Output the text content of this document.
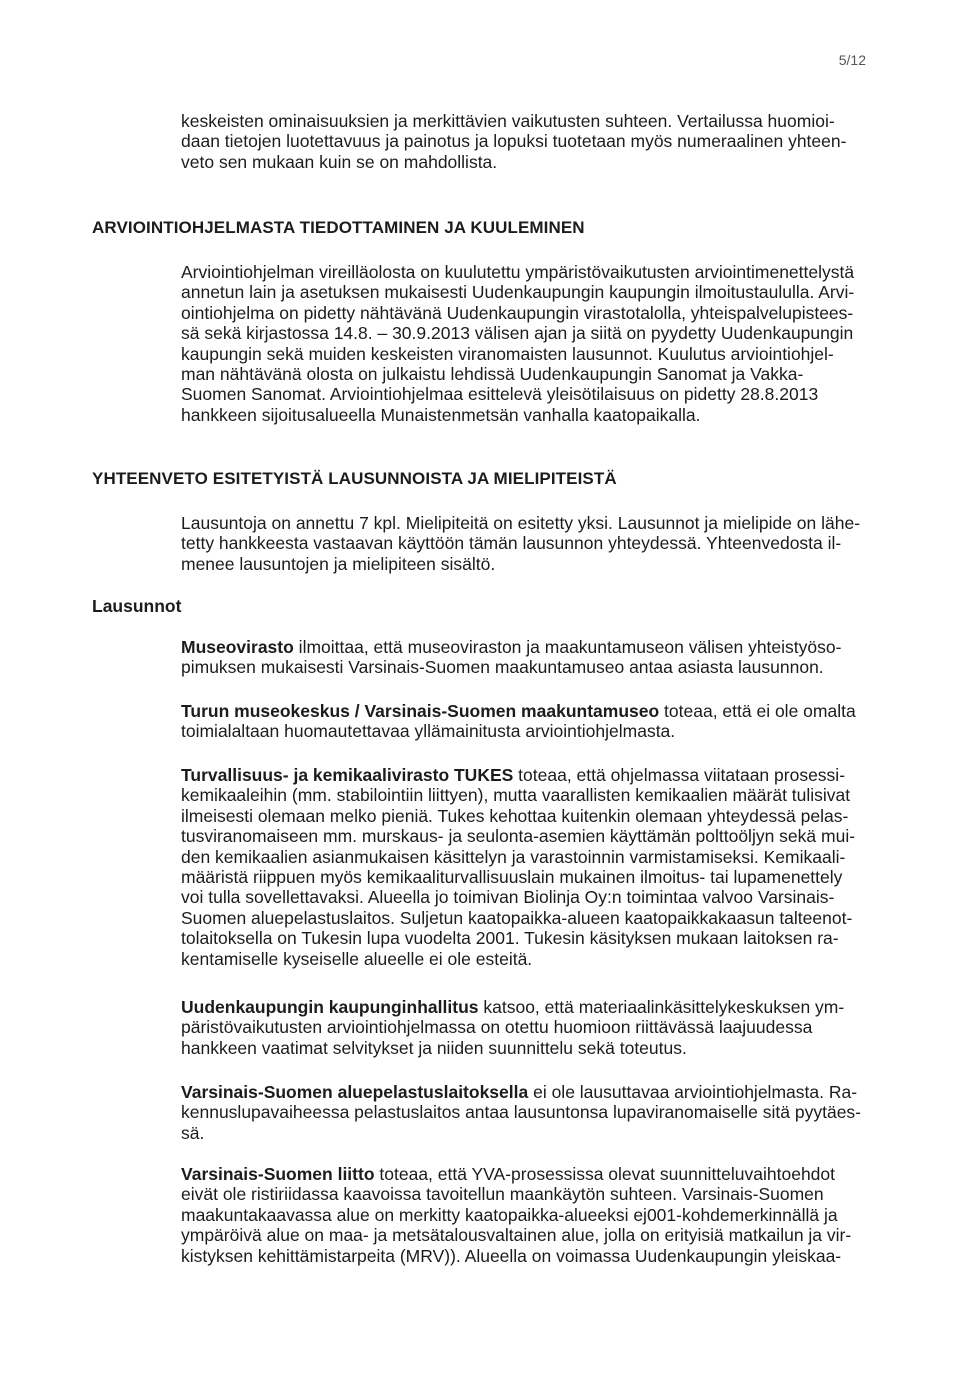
5/12
keskeisten ominaisuuksien ja merkittävien vaikutusten suhteen. Vertailussa huomioi-
daan tietojen luotettavuus ja painotus ja lopuksi tuotetaan myös numeraalinen yhteen-
veto sen mukaan kuin se on mahdollista.
ARVIOINTIOHJELMASTA TIEDOTTAMINEN JA KUULEMINEN
Arviointiohjelman vireilläolosta on kuulutettu ympäristövaikutusten arviointimenettelystä
annetun lain ja asetuksen mukaisesti Uudenkaupungin kaupungin ilmoitustaululla. Arvi-
ointiohjelma on pidetty nähtävänä Uudenkaupungin virastotalolla, yhteispalvelupistees-
sä sekä kirjastossa 14.8. – 30.9.2013 välisen ajan ja siitä on pyydetty Uudenkaupungin
kaupungin sekä muiden keskeisten viranomaisten lausunnot. Kuulutus arviointiohjel-
man nähtävänä olosta on julkaistu lehdissä Uudenkaupungin Sanomat ja Vakka-
Suomen Sanomat. Arviointiohjelmaa esittelevä yleisötilaisuus on pidetty 28.8.2013
hankkeen sijoitusalueella Munaistenmetsän vanhalla kaatopaikalla.
YHTEENVETO ESITETYISTÄ LAUSUNNOISTA JA MIELIPITEISTÄ
Lausuntoja on annettu 7 kpl. Mielipiteitä on esitetty yksi. Lausunnot ja mielipide on lähe-
tetty hankkeesta vastaavan käyttöön tämän lausunnon yhteydessä. Yhteenvedosta il-
menee lausuntojen ja mielipiteen sisältö.
Lausunnot
Museovirasto ilmoittaa, että museoviraston ja maakuntamuseon välisen yhteistyöso-
pimuksen mukaisesti Varsinais-Suomen maakuntamuseo antaa asiasta lausunnon.
Turun museokeskus / Varsinais-Suomen maakuntamuseo toteaa, että ei ole omalta
toimialaltaan huomautettavaa yllämainitusta arviointiohjelmasta.
Turvallisuus- ja kemikaalivirasto TUKES toteaa, että ohjelmassa viitataan prosessi-
kemikaaleihin (mm. stabilointiin liittyen), mutta vaarallisten kemikaalien määrät tulisivat
ilmeisesti olemaan melko pieniä. Tukes kehottaa kuitenkin olemaan yhteydessä pelas-
tusviranomaiseen mm. murskaus- ja seulonta-asemien käyttämän polttoöljyn sekä mui-
den kemikaalien asianmukaisen käsittelyn ja varastoinnin varmistamiseksi. Kemikaali-
määristä riippuen myös kemikaaliturvallisuuslain mukainen ilmoitus- tai lupamenettely
voi tulla sovellettavaksi. Alueella jo toimivan Biolinja Oy:n toimintaa valvoo Varsinais-
Suomen aluepelastuslaitos. Suljetun kaatopaikka-alueen kaatopaikkakaasun talteenot-
tolaitoksella on Tukesin lupa vuodelta 2001. Tukesin käsityksen mukaan laitoksen ra-
kentamiselle kyseiselle alueelle ei ole esteitä.
Uudenkaupungin kaupunginhallitus katsoo, että materiaalinkäsittelykeskuksen ym-
päristövaikutusten arviointiohjelmassa on otettu huomioon riittävässä laajuudessa
hankkeen vaatimat selvitykset ja niiden suunnittelu sekä toteutus.
Varsinais-Suomen aluepelastuslaitoksella ei ole lausuttavaa arviointiohjelmasta. Ra-
kennuslupavaiheessa pelastuslaitos antaa lausuntonsa lupaviranomaiselle sitä pyytäes-
sä.
Varsinais-Suomen liitto toteaa, että YVA-prosessissa olevat suunnitteluvaihtoehdot
eivät ole ristiriidassa kaavoissa tavoitellun maankäytön suhteen. Varsinais-Suomen
maakuntakaavassa alue on merkitty kaatopaikka-alueeksi ej001-kohdemerkinnällä ja
ympäröivä alue on maa- ja metsätalousvaltainen alue, jolla on erityisiä matkailun ja vir-
kistyksen kehittämistarpeita (MRV)). Alueella on voimassa Uudenkaupungin yleiskaa-
